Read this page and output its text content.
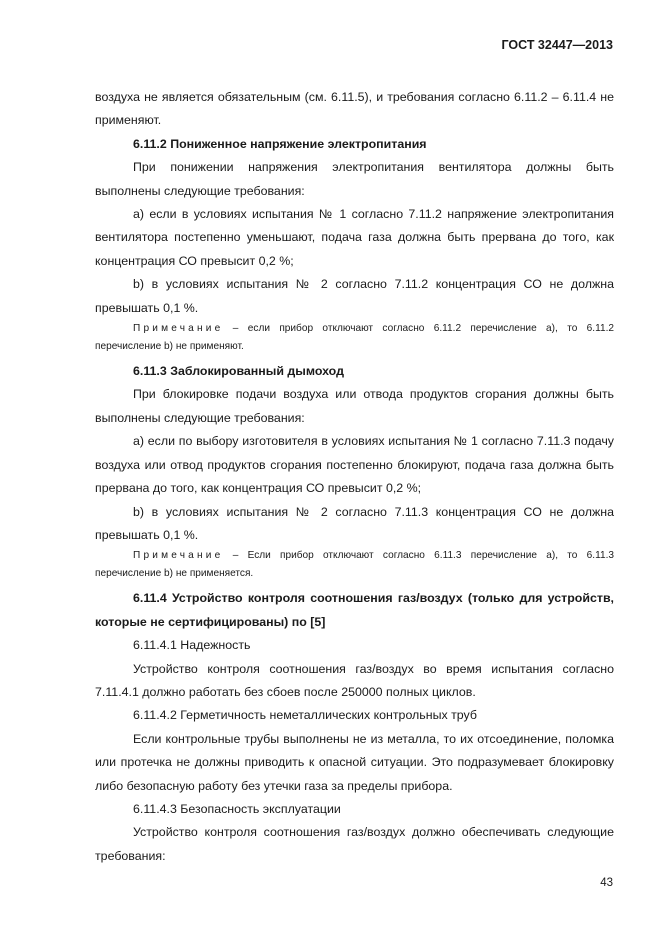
ГОСТ 32447—2013

воздуха не является обязательным (см. 6.11.5), и требования согласно 6.11.2 – 6.11.4 не применяют.

6.11.2 Пониженное напряжение электропитания

При понижении напряжения электропитания вентилятора должны быть выполнены следующие требования:

а) если в условиях испытания № 1 согласно 7.11.2 напряжение электропитания вентилятора постепенно уменьшают, подача газа должна быть прервана до того, как концентрация СО превысит 0,2 %;

b) в условиях испытания № 2 согласно 7.11.2 концентрация СО не должна превышать 0,1 %.

Примечание – если прибор отключают согласно 6.11.2 перечисление а), то 6.11.2 перечисление b) не применяют.

6.11.3 Заблокированный дымоход

При блокировке подачи воздуха или отвода продуктов сгорания должны быть выполнены следующие требования:

а) если по выбору изготовителя в условиях испытания № 1 согласно 7.11.3 подачу воздуха или отвод продуктов сгорания постепенно блокируют, подача газа должна быть прервана до того, как концентрация СО превысит 0,2 %;

b) в условиях испытания № 2 согласно 7.11.3 концентрация СО не должна превышать 0,1 %.

Примечание – Если прибор отключают согласно 6.11.3 перечисление а), то 6.11.3 перечисление b) не применяется.

6.11.4 Устройство контроля соотношения газ/воздух (только для устройств, которые не сертифицированы) по [5]

6.11.4.1 Надежность

Устройство контроля соотношения газ/воздух во время испытания согласно 7.11.4.1 должно работать без сбоев после 250000 полных циклов.

6.11.4.2 Герметичность неметаллических контрольных труб

Если контрольные трубы выполнены не из металла, то их отсоединение, поломка или протечка не должны приводить к опасной ситуации. Это подразумевает блокировку либо безопасную работу без утечки газа за пределы прибора.

6.11.4.3 Безопасность эксплуатации

Устройство контроля соотношения газ/воздух должно обеспечивать следующие требования:

43
